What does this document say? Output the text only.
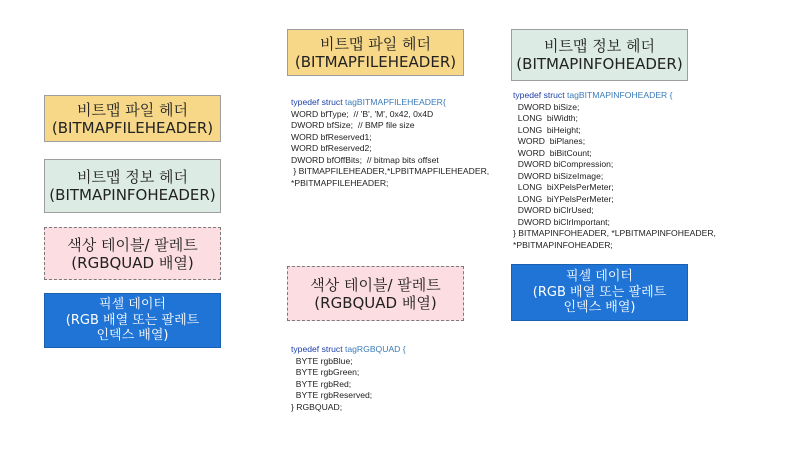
비트맵 파일 헤더
(BITMAPFILEHEADER)
비트맵 정보 헤더
(BITMAPINFOHEADER)
색상 테이블/ 팔레트
(RGBQUAD 배열)
픽셀 데이터
(RGB 배열 또는 팔레트
인덱스 배열)
비트맵 파일 헤더
(BITMAPFILEHEADER)
typedef struct tagBITMAPFILEHEADER{
WORD bfType;  // 'B', 'M', 0x42, 0x4D
DWORD bfSize;  // BMP file size
WORD bfReserved1;
WORD bfReserved2;
DWORD bfOffBits;  // bitmap bits offset
} BITMAPFILEHEADER,*LPBITMAPFILEHEADER,
*PBITMAPFILEHEADER;
비트맵 정보 헤더
(BITMAPINFOHEADER)
typedef struct tagBITMAPINFOHEADER {
DWORD biSize;
LONG  biWidth;
LONG  biHeight;
WORD  biPlanes;
WORD  biBitCount;
DWORD biCompression;
DWORD biSizeImage;
LONG  biXPelsPerMeter;
LONG  biYPelsPerMeter;
DWORD biClrUsed;
DWORD biClrImportant;
} BITMAPINFOHEADER, *LPBITMAPINFOHEADER,
*PBITMAPINFOHEADER;
색상 테이블/ 팔레트
(RGBQUAD 배열)
typedef struct tagRGBQUAD {
BYTE rgbBlue;
BYTE rgbGreen;
BYTE rgbRed;
BYTE rgbReserved;
} RGBQUAD;
픽셀 데이터
(RGB 배열 또는 팔레트
인덱스 배열)
